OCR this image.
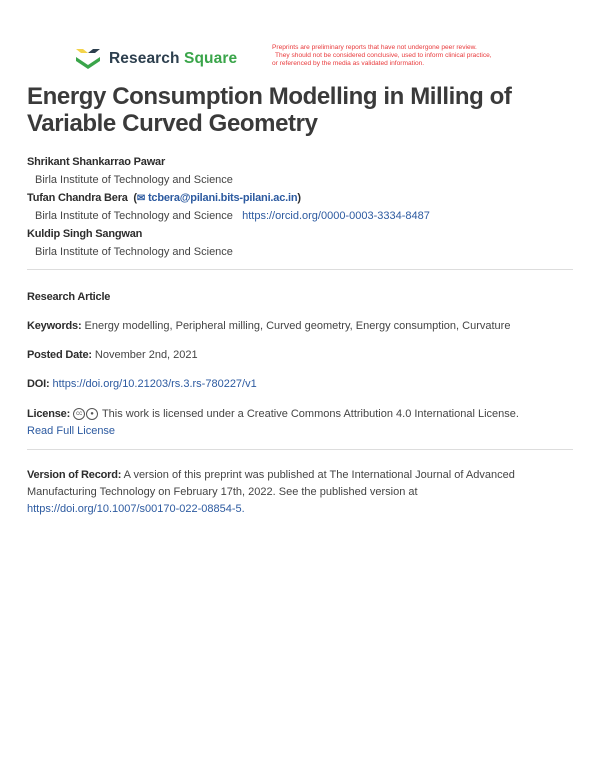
Research Square
Preprints are preliminary reports that have not undergone peer review.
They should not be considered conclusive, used to inform clinical practice,
or referenced by the media as validated information.
Energy Consumption Modelling in Milling of Variable Curved Geometry
Shrikant Shankarrao Pawar
Birla Institute of Technology and Science
Tufan Chandra Bera  (✉ tcbera@pilani.bits-pilani.ac.in)
Birla Institute of Technology and Science https://orcid.org/0000-0003-3334-8487
Kuldip Singh Sangwan
Birla Institute of Technology and Science
Research Article
Keywords: Energy modelling, Peripheral milling, Curved geometry, Energy consumption, Curvature
Posted Date: November 2nd, 2021
DOI: https://doi.org/10.21203/rs.3.rs-780227/v1
License: cc ● This work is licensed under a Creative Commons Attribution 4.0 International License.
Read Full License
Version of Record: A version of this preprint was published at The International Journal of Advanced Manufacturing Technology on February 17th, 2022. See the published version at
https://doi.org/10.1007/s00170-022-08854-5.
